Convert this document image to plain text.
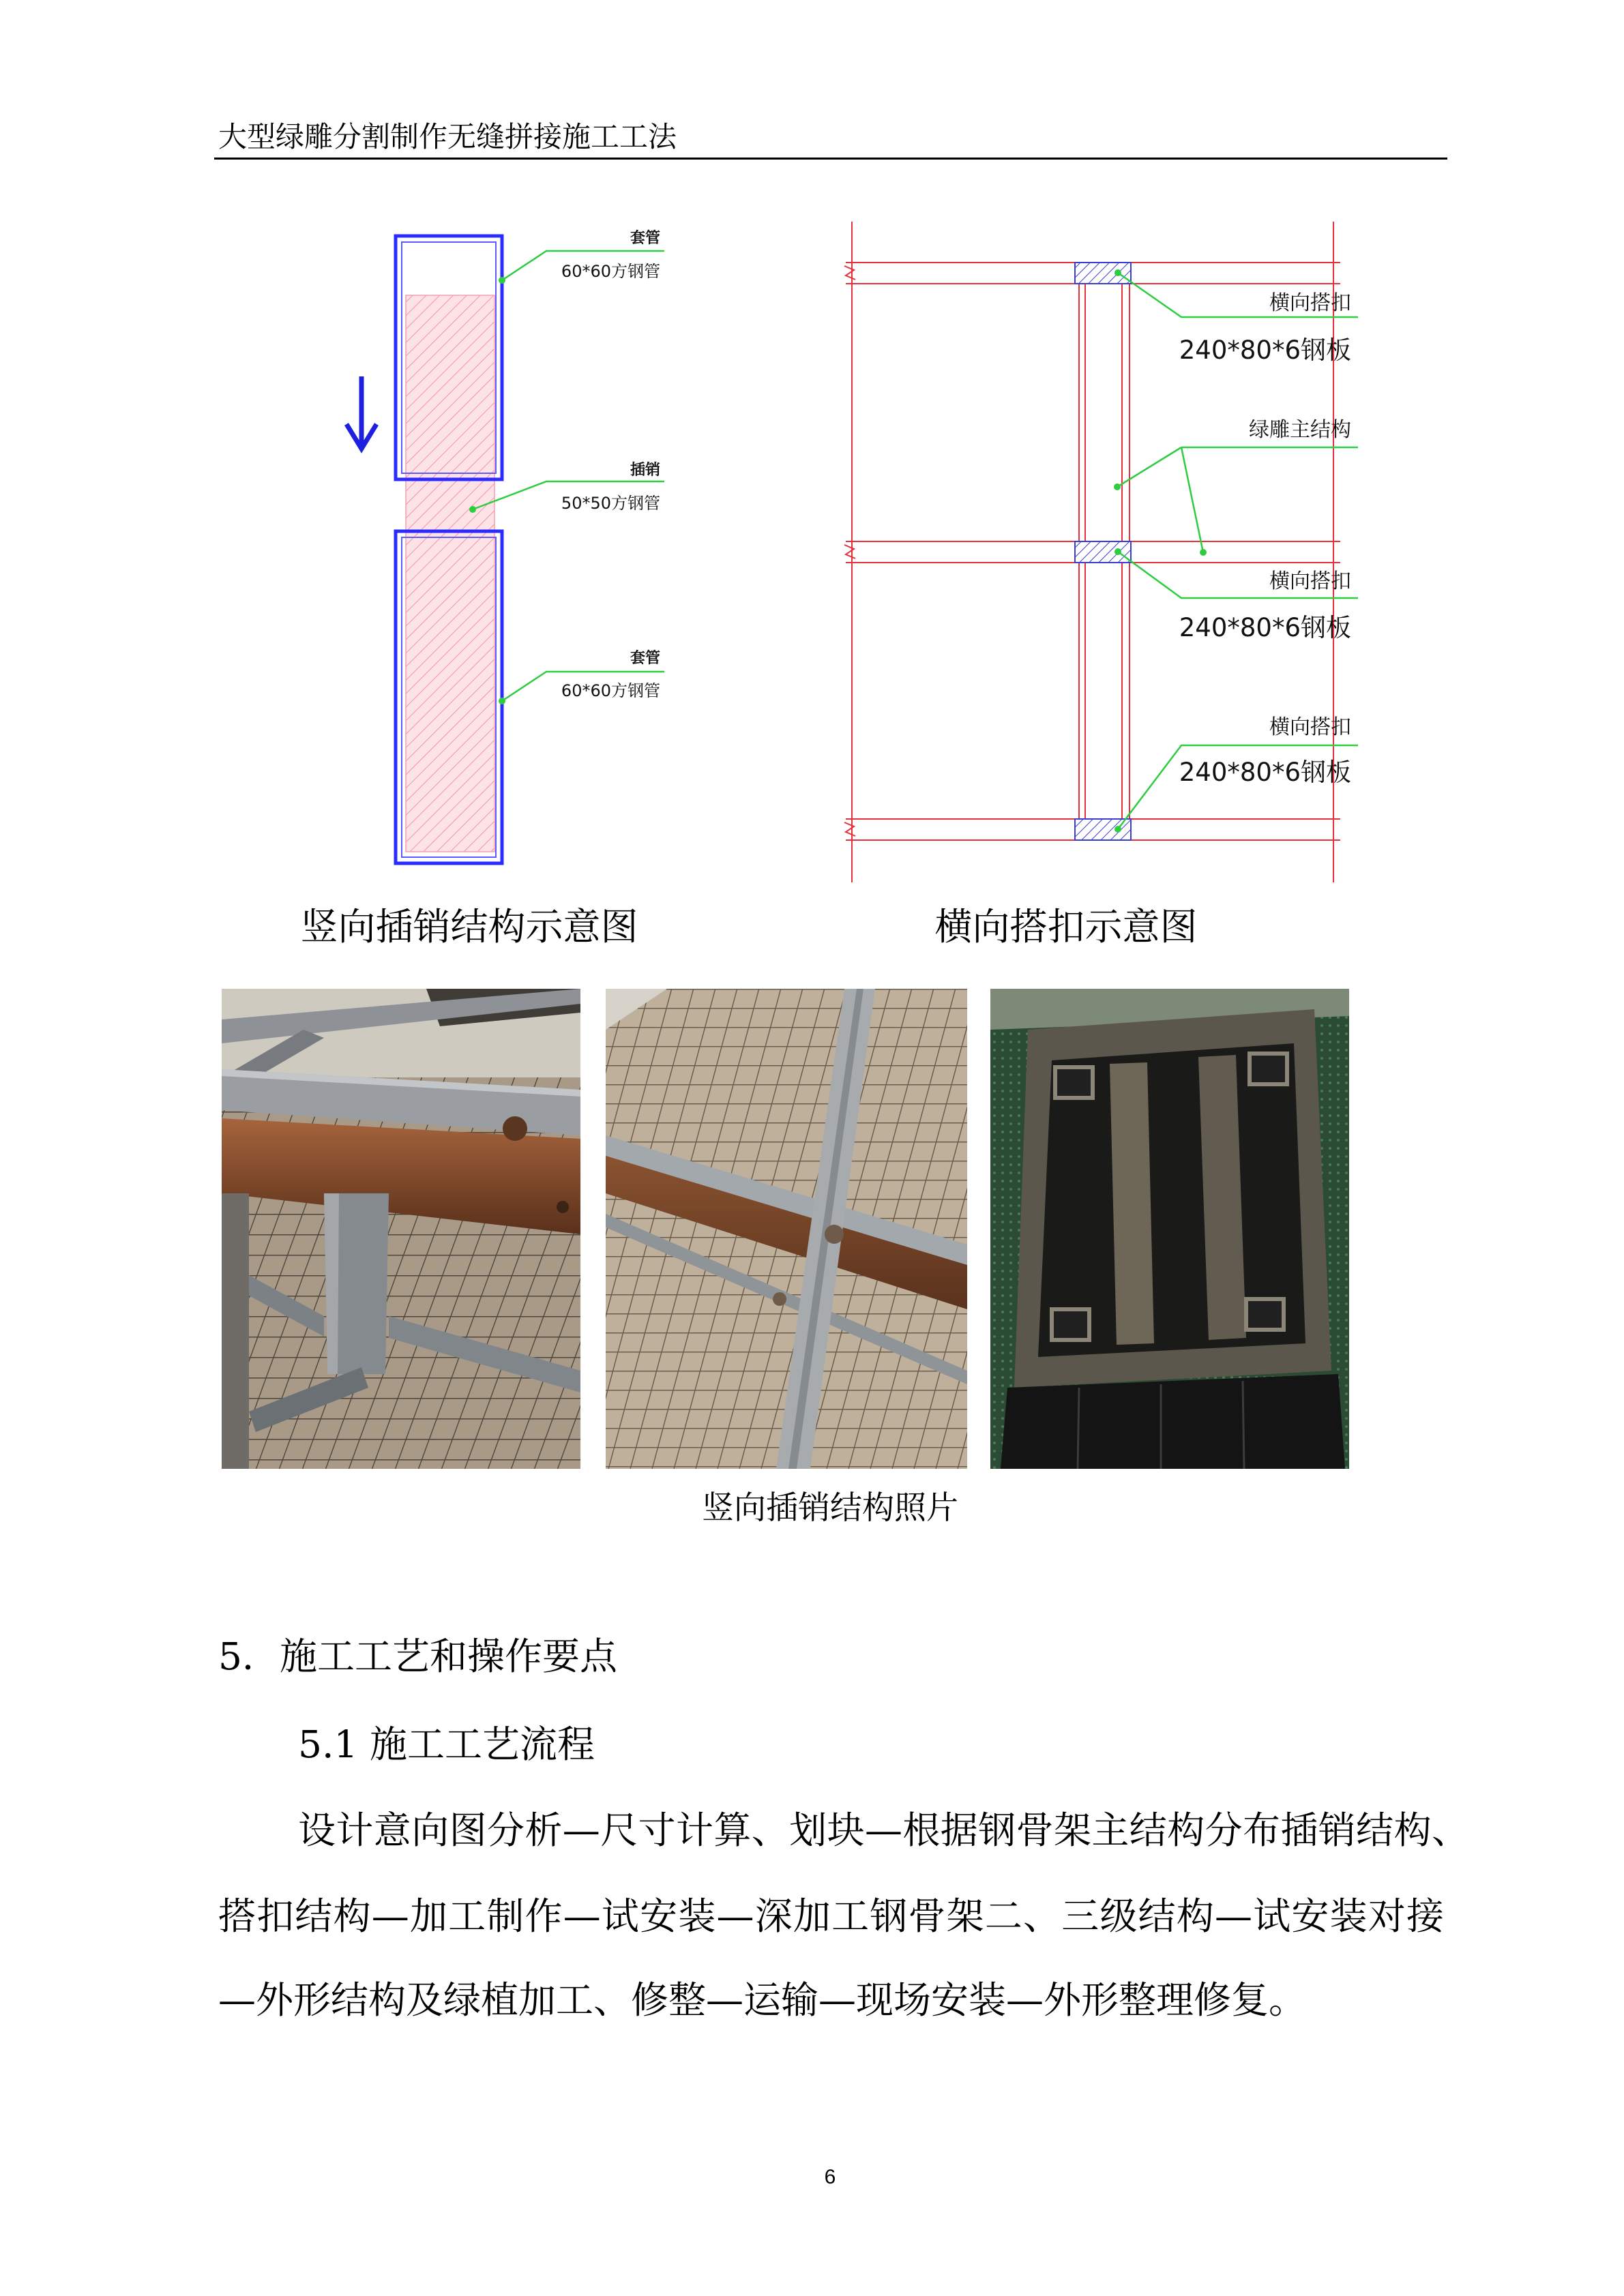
大型绿雕分割制作无缝拼接施工工法
套管
60*60方钢管
插销
50*50方钢管
套管
60*60方钢管
横向搭扣
240*80*6钢板
绿雕主结构
横向搭扣
240*80*6钢板
横向搭扣
240*80*6钢板
竖向插销结构示意图	横向搭扣示意图
竖向插销结构照片
5．施工工艺和操作要点
5.1 施工工艺流程
设计意向图分析—尺寸计算、划块—根据钢骨架主结构分布插销结构、
搭扣结构—加工制作—试安装—深加工钢骨架二、三级结构—试安装对接
—外形结构及绿植加工、修整—运输—现场安装—外形整理修复。
6
